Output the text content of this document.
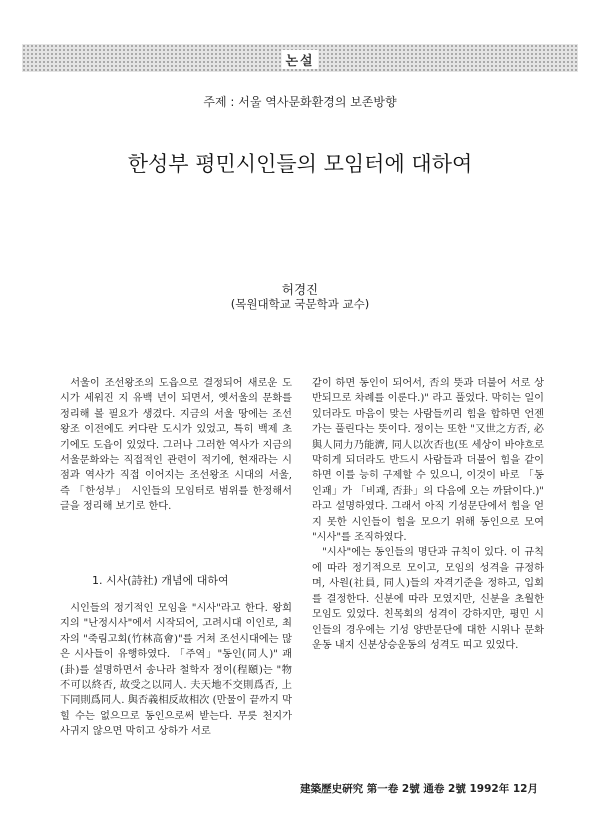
논설
주제 : 서울 역사문화환경의 보존방향
한성부 평민시인들의 모임터에 대하여
허경진
(목원대학교 국문학과 교수)

서울이 조선왕조의 도읍으로 결정되어 새로운 도시가 세워진 지 유백 년이 되면서, 옛서울의 문화를 정리해 볼 필요가 생겼다. 지금의 서울 땅에는 조선왕조 이전에도 커다란 도시가 있었고, 특히 백제 초기에도 도읍이 있었다. 그러나 그러한 역사가 지금의 서울문화와는 직접적인 관련이 적기에, 현재라는 시점과 역사가 직접 이어지는 조선왕조 시대의 서울, 즉 「한성부」 시인들의 모임터로 범위를 한정해서 글을 정리해 보기로 한다.

1. 시사(詩社) 개념에 대하여

시인들의 정기적인 모임을 "시사"라고 한다. 왕희지의 "난정시사"에서 시작되어, 고려시대 이인로, 최자의 "죽림고회(竹林高會)"를 거쳐 조선시대에는 많은 시사들이 유행하였다. 「주역」"동인(同人)" 괘(卦)를 설명하면서 송나라 철학자 정이(程頤)는 "物不可以終否, 故受之以同人. 夫天地不交則爲否, 上下同則爲同人. 與否義相反故相次 (만물이 끝까지 막힐 수는 없으므로 동인으로써 받는다. 무릇 천지가 사귀지 않으면 막히고 상하가 서로

같이 하면 동인이 되어서, 否의 뜻과 더불어 서로 상반되므로 차례를 이룬다.)" 라고 풀었다. 막히는 일이 있더라도 마음이 맞는 사람들끼리 힘을 합하면 언젠가는 풀린다는 뜻이다. 정이는 또한 "又世之方否, 必與人同力乃能濟, 同人以次否也(또 세상이 바야흐로 막히게 되더라도 반드시 사람들과 더불어 힘을 같이 하면 이를 능히 구제할 수 있으니, 이것이 바로 「동인괘」가 「비괘, 否卦」의 다음에 오는 까닭이다.)" 라고 설명하였다. 그래서 아직 기성문단에서 힘을 얻지 못한 시인들이 힘을 모으기 위해 동인으로 모여 "시사"를 조직하였다.

"시사"에는 동인들의 명단과 규칙이 있다. 이 규칙에 따라 정기적으로 모이고, 모임의 성격을 규정하며, 사원(社員, 同人)들의 자격기준을 정하고, 입회를 결정한다. 신분에 따라 모였지만, 신분을 초월한 모임도 있었다. 친목회의 성격이 강하지만, 평민 시인들의 경우에는 기성 양반문단에 대한 시위나 문화운동 내지 신분상승운동의 성격도 띠고 있었다.

建築歷史硏究 第一卷 2號 通卷 2號 1992年 12月
